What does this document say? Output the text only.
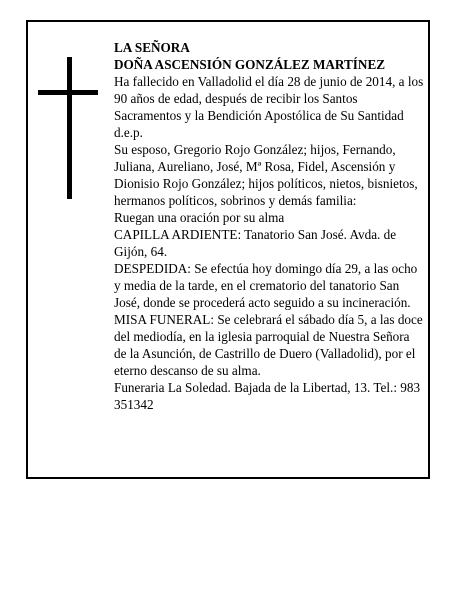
LA SEÑORA

DOÑA ASCENSIÓN GONZÁLEZ MARTÍNEZ

Ha fallecido en Valladolid el día 28 de junio de 2014, a los 90 años de edad, después de recibir los Santos Sacramentos y la Bendición Apostólica de Su Santidad d.e.p.

Su esposo, Gregorio Rojo González; hijos, Fernando, Juliana, Aureliano, José, Mª Rosa, Fidel, Ascensión y Dionisio Rojo González; hijos políticos, nietos, bisnietos, hermanos políticos, sobrinos y demás familia:

Ruegan una oración por su alma

CAPILLA ARDIENTE: Tanatorio San José. Avda. de Gijón, 64.

DESPEDIDA: Se efectúa hoy domingo día 29, a las ocho y media de la tarde, en el crematorio del tanatorio San José, donde se procederá acto seguido a su incineración.

MISA FUNERAL: Se celebrará el sábado día 5, a las doce del mediodía, en la iglesia parroquial de Nuestra Señora de la Asunción, de Castrillo de Duero (Valladolid), por el eterno descanso de su alma.

Funeraria La Soledad. Bajada de la Libertad, 13. Tel.: 983 351342
